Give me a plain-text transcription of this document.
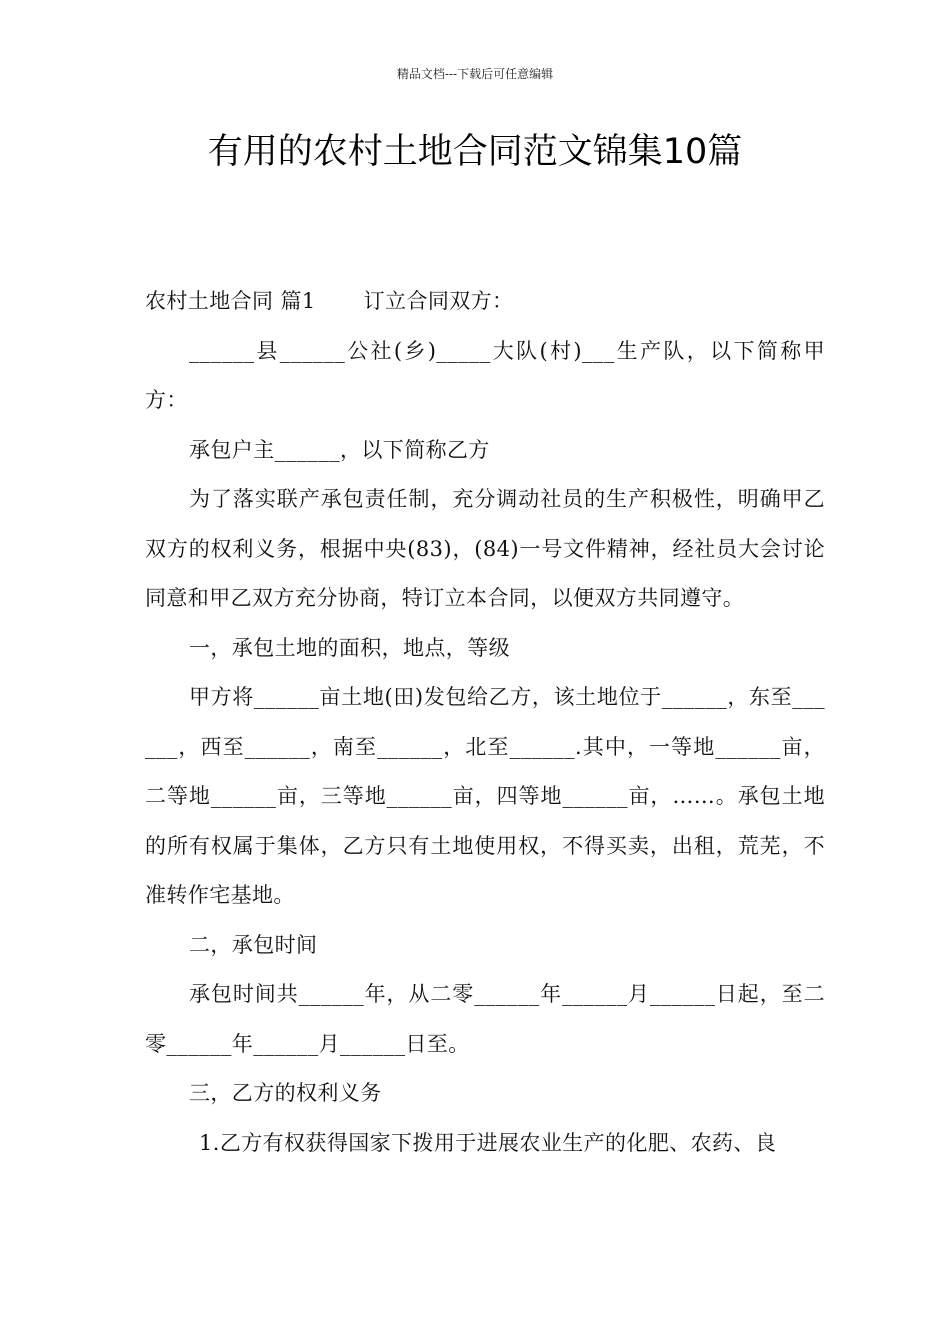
精品文档---下载后可任意编辑
有用的农村土地合同范文锦集10篇

农村土地合同 篇1 订立合同双方：

______县______公社(乡)_____大队(村)___生产队，以下简称甲方：

承包户主______，以下简称乙方

为了落实联产承包责任制，充分调动社员的生产积极性，明确甲乙双方的权利义务，根据中央(83)，(84)一号文件精神，经社员大会讨论同意和甲乙双方充分协商，特订立本合同，以便双方共同遵守。

一，承包土地的面积，地点，等级

甲方将______亩土地(田)发包给乙方，该土地位于______，东至______，西至______，南至______，北至______.其中，一等地______亩，二等地______亩，三等地______亩，四等地______亩，……。承包土地的所有权属于集体，乙方只有土地使用权，不得买卖，出租，荒芜，不准转作宅基地。

二，承包时间

承包时间共______年，从二零______年______月______日起，至二零______年______月______日至。

三，乙方的权利义务

1.乙方有权获得国家下拨用于进展农业生产的化肥、农药、良
